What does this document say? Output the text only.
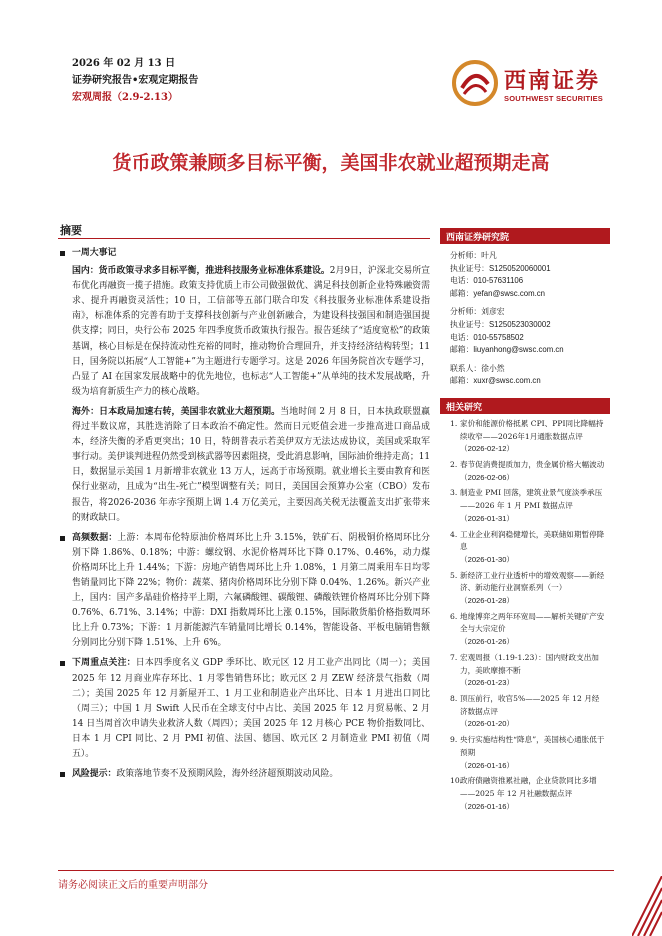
2026 年 02 月 13 日
证券研究报告•宏观定期报告
宏观周报（2.9-2.13）
西南证券
SOUTHWEST SECURITIES
货币政策兼顾多目标平衡，美国非农就业超预期走高
摘要
一周大事记
国内：货币政策寻求多目标平衡，推进科技服务业标准体系建设。2月9日，沪深北交易所宣布优化再融资一揽子措施。政策支持优质上市公司做强做优、满足科技创新企业特殊融资需求、提升再融资灵活性；10 日，工信部等五部门联合印发《科技服务业标准体系建设指南》，标准体系的完善有助于支撑科技创新与产业创新融合，为建设科技强国和制造强国提供支撑；同日，央行公布 2025 年四季度货币政策执行报告。报告延续了“适度宽松”的政策基调，核心目标是在保持流动性充裕的同时，推动物价合理回升，并支持经济结构转型；11 日，国务院以拓展“人工智能+”为主题进行专题学习。这是 2026 年国务院首次专题学习，凸显了 AI 在国家发展战略中的优先地位，也标志“人工智能+”从单纯的技术发展战略，升级为培育新质生产力的核心战略。
海外：日本政局加速右转，美国非农就业大超预期。当地时间 2 月 8 日，日本执政联盟赢得过半数议席，其胜选消除了日本政治不确定性。然而日元贬值会进一步推高进口商品成本，经济失衡的矛盾更突出；10 日，特朗普表示若美伊双方无法达成协议，美国或采取军事行动。美伊谈判进程仍然受到核武器等因素阻挠，受此消息影响，国际油价维持走高；11 日，数据显示美国 1 月新增非农就业 13 万人，远高于市场预期。就业增长主要由教育和医保行业驱动，且成为“出生-死亡”模型调整有关；同日，美国国会预算办公室（CBO）发布报告，将2026-2036 年赤字预期上调 1.4 万亿美元，主要因高关税无法覆盖支出扩张带来的财政缺口。
高频数据：上游：本周布伦特原油价格周环比上升 3.15%，铁矿石、阴极铜价格周环比分别下降 1.86%、0.18%；中游：螺纹钢、水泥价格周环比下降 0.17%、0.46%，动力煤价格周环比上升 1.44%；下游：房地产销售周环比上升 1.08%，1 月第二周乘用车日均零售销量同比下降 22%；物价：蔬菜、猪肉价格周环比分别下降 0.04%、1.26%。新兴产业上，国内：国产多晶硅价格持平上期，六氟磷酸锂、碳酸锂、磷酸铁锂价格周环比分别下降 0.76%、6.71%、3.14%；中游：DXI 指数周环比上涨 0.15%，国际散货船价格指数周环比上升 0.73%；下游：1 月新能源汽车销量同比增长 0.14%，智能设备、平板电脑销售额分别同比分别下降 1.51%、上升 6%。
下周重点关注：日本四季度名义 GDP 季环比、欧元区 12 月工业产出同比（周一）；美国 2025 年 12 月商业库存环比、1 月零售销售环比；欧元区 2 月 ZEW 经济景气指数（周二）；美国 2025 年 12 月新屋开工、1 月工业和制造业产出环比、日本 1 月进出口同比（周三）；中国 1 月 Swift 人民币在全球支付中占比、美国 2025 年 12 月贸易帐、2 月 14 日当周首次申请失业救济人数（周四）；美国 2025 年 12 月核心 PCE 物价指数同比、日本 1 月 CPI 同比、2 月 PMI 初值、法国、德国、欧元区 2 月制造业 PMI 初值（周五）。
风险提示：政策落地节奏不及预期风险，海外经济超预期波动风险。
西南证券研究院
分析师：叶凡
执业证号：S1250520060001
电话：010-57631106
邮箱：yefan@swsc.com.cn
分析师：刘彦宏
执业证号：S1250523030002
电话：010-55758502
邮箱：liuyanhong@swsc.com.cn
联系人：徐小然
邮箱：xuxr@swsc.com.cn
相关研究
1. 家价和能源价格抵累 CPI、PPI同比降幅持续收窄——2026年1月通胀数据点评
（2026-02-12）
2. 春节促消费提质加力，贵金属价格大幅波动
（2026-02-06）
3. 制造业 PMI 回落，建筑业景气度淡季承压——2026 年 1 月 PMI 数据点评
（2026-01-31）
4. 工业企业利润稳健增长，美联储如期暂停降息
（2026-01-30）
5. 新经济工业行业透析中的增效观察——新经济、新动能行业洞察系列（一）
（2026-01-28）
6. 地缘博弈之两年环宽局——解析关键矿产安全与大宗定价
（2026-01-26）
7. 宏观周报（1.19-1.23）：国内财政支出加力，美欧摩擦不断
（2026-01-23）
8. 顶压前行，收官5%——2025 年 12 月经济数据点评
（2026-01-20）
9. 央行实施结构性“降息”，美国核心通胀低于预期
（2026-01-16）
10.
政府债融资推累社融，企业贷款同比多增——2025 年 12 月社融数据点评
（2026-01-16）
请务必阅读正文后的重要声明部分
